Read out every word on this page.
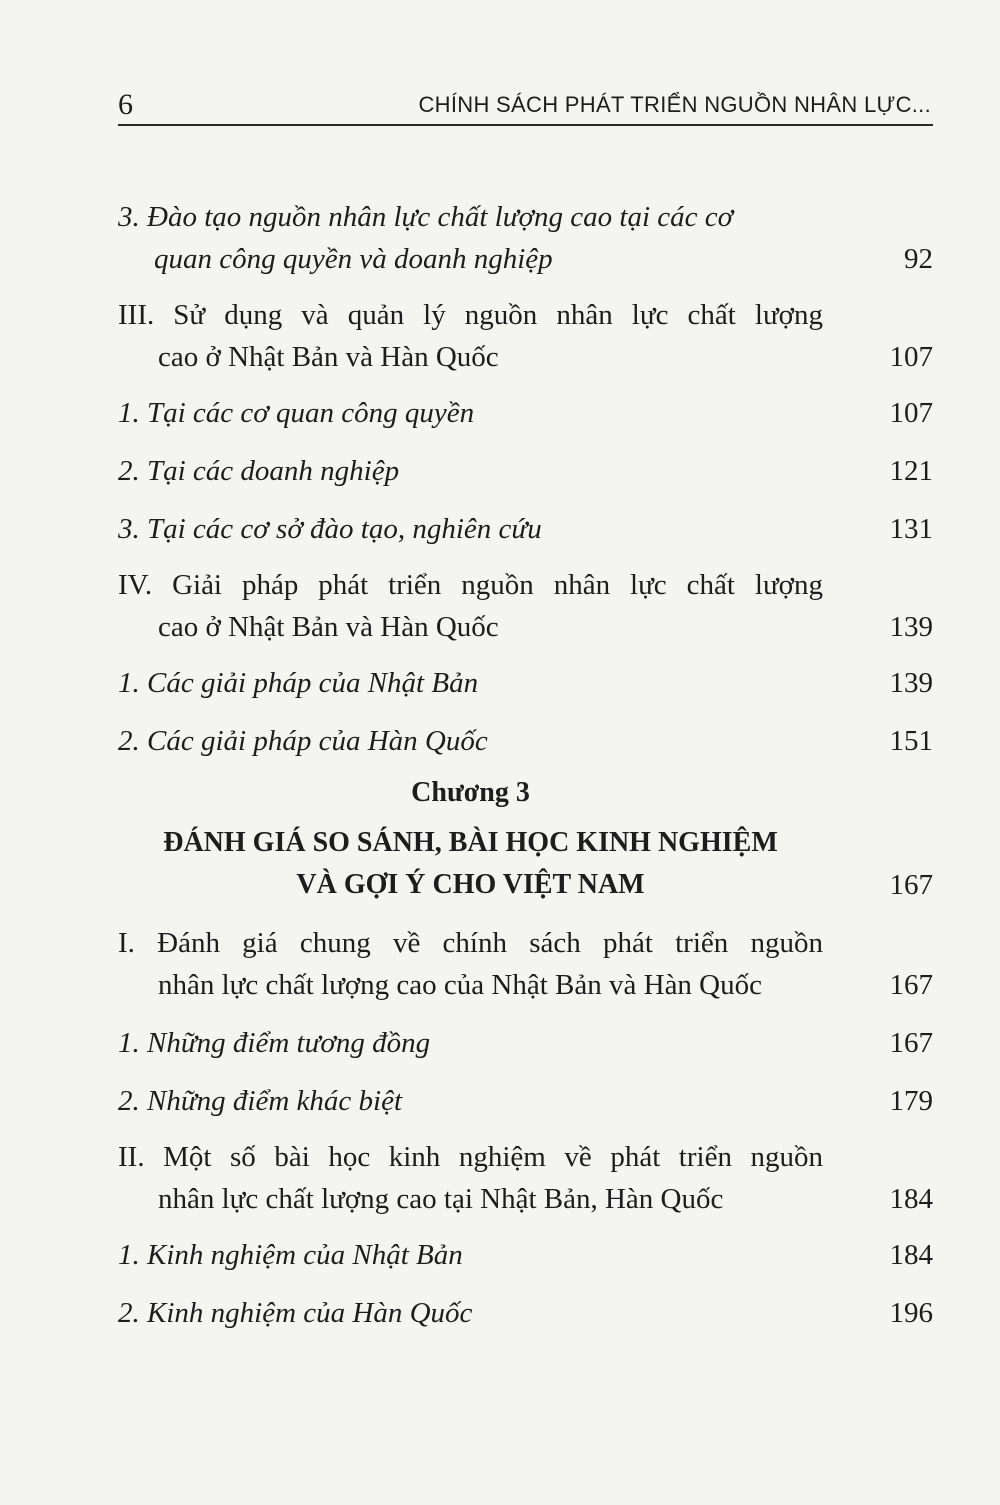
6	CHÍNH SÁCH PHÁT TRIỂN NGUỒN NHÂN LỰC...
3. Đào tạo nguồn nhân lực chất lượng cao tại các cơ
quan công quyền và doanh nghiệp	92
III. Sử dụng và quản lý nguồn nhân lực chất lượng
cao ở Nhật Bản và Hàn Quốc	107
1. Tại các cơ quan công quyền	107
2. Tại các doanh nghiệp	121
3. Tại các cơ sở đào tạo, nghiên cứu	131
IV. Giải pháp phát triển nguồn nhân lực chất lượng
cao ở Nhật Bản và Hàn Quốc	139
1. Các giải pháp của Nhật Bản	139
2. Các giải pháp của Hàn Quốc	151
Chương 3
ĐÁNH GIÁ SO SÁNH, BÀI HỌC KINH NGHIỆM
VÀ GỢI Ý CHO VIỆT NAM	167
I. Đánh giá chung về chính sách phát triển nguồn
nhân lực chất lượng cao của Nhật Bản và Hàn Quốc	167
1. Những điểm tương đồng	167
2. Những điểm khác biệt	179
II. Một số bài học kinh nghiệm về phát triển nguồn
nhân lực chất lượng cao tại Nhật Bản, Hàn Quốc	184
1. Kinh nghiệm của Nhật Bản	184
2. Kinh nghiệm của Hàn Quốc	196
